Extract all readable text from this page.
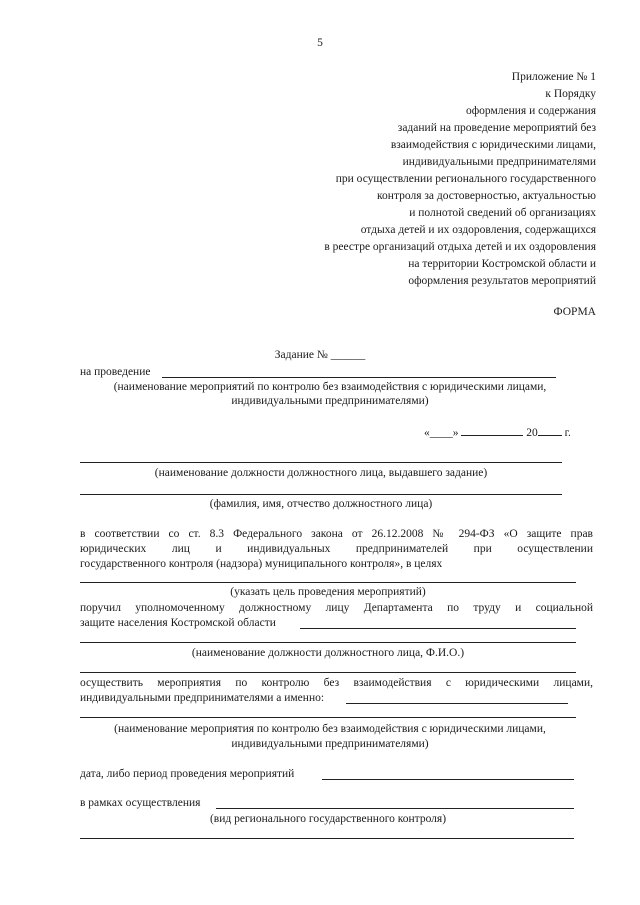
5
Приложение № 1
к Порядку
оформления и содержания
заданий на проведение мероприятий без
взаимодействия с юридическими лицами,
индивидуальными предпринимателями
при осуществлении регионального государственного
контроля за достоверностью, актуальностью
и полнотой сведений об организациях
отдыха детей и их оздоровления, содержащихся
в реестре организаций отдыха детей и их оздоровления
на территории Костромской области и
оформления результатов мероприятий
ФОРМА
Задание № ______
на проведение
(наименование мероприятий по контролю без взаимодействия с юридическими лицами,
индивидуальными предпринимателями)
«____»	20 г.
(наименование должности должностного лица, выдавшего задание)
(фамилия, имя, отчество должностного лица)
в соответствии со ст. 8.3 Федерального закона от 26.12.2008 № 294-ФЗ «О защите прав
юридических лиц и индивидуальных предпринимателей при осуществлении
государственного контроля (надзора) муниципального контроля», в целях
(указать цель проведения мероприятий)
поручил уполномоченному должностному лицу Департамента по труду и социальной
защите населения Костромской области
(наименование должности должностного лица, Ф.И.О.)
осуществить мероприятия по контролю без взаимодействия с юридическими лицами,
индивидуальными предпринимателями а именно:
(наименование мероприятия по контролю без взаимодействия с юридическими лицами,
индивидуальными предпринимателями)
дата, либо период проведения мероприятий
в рамках осуществления
(вид регионального государственного контроля)
